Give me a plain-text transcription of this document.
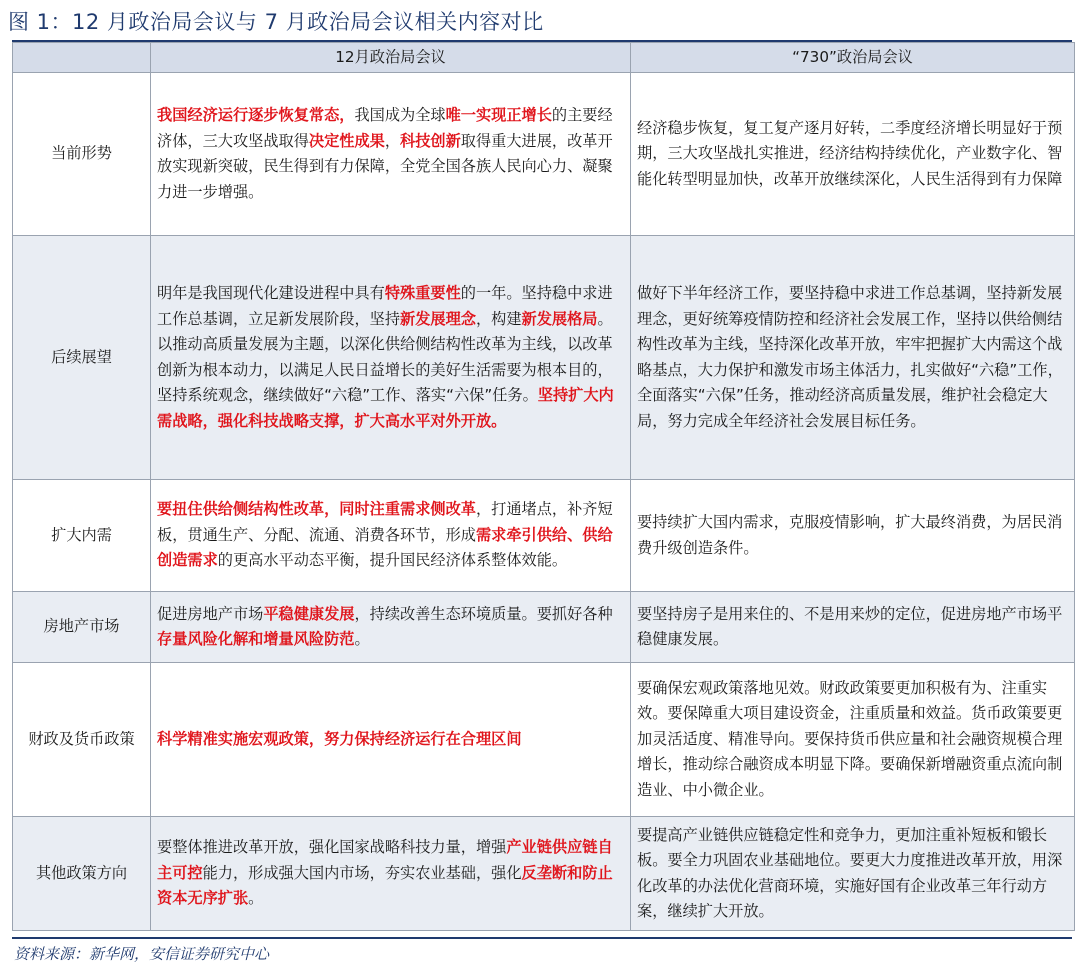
图 1：12 月政治局会议与 7 月政治局会议相关内容对比
	12月政治局会议	“730”政治局会议
当前形势	我国经济运行逐步恢复常态，我国成为全球唯一实现正增长的主要经济体，三大攻坚战取得决定性成果，科技创新取得重大进展，改革开放实现新突破，民生得到有力保障，全党全国各族人民向心力、凝聚力进一步增强。	经济稳步恢复，复工复产逐月好转，二季度经济增长明显好于预期，三大攻坚战扎实推进，经济结构持续优化，产业数字化、智能化转型明显加快，改革开放继续深化，人民生活得到有力保障
后续展望	明年是我国现代化建设进程中具有特殊重要性的一年。坚持稳中求进工作总基调，立足新发展阶段，坚持新发展理念，构建新发展格局。以推动高质量发展为主题，以深化供给侧结构性改革为主线，以改革创新为根本动力，以满足人民日益增长的美好生活需要为根本目的，坚持系统观念，继续做好“六稳”工作、落实“六保”任务。坚持扩大内需战略，强化科技战略支撑，扩大高水平对外开放。	做好下半年经济工作，要坚持稳中求进工作总基调，坚持新发展理念，更好统筹疫情防控和经济社会发展工作，坚持以供给侧结构性改革为主线，坚持深化改革开放，牢牢把握扩大内需这个战略基点，大力保护和激发市场主体活力，扎实做好“六稳”工作，全面落实“六保”任务，推动经济高质量发展，维护社会稳定大局，努力完成全年经济社会发展目标任务。
扩大内需	要扭住供给侧结构性改革，同时注重需求侧改革，打通堵点，补齐短板，贯通生产、分配、流通、消费各环节，形成需求牵引供给、供给创造需求的更高水平动态平衡，提升国民经济体系整体效能。	要持续扩大国内需求，克服疫情影响，扩大最终消费，为居民消费升级创造条件。
房地产市场	促进房地产市场平稳健康发展，持续改善生态环境质量。要抓好各种存量风险化解和增量风险防范。	要坚持房子是用来住的、不是用来炒的定位，促进房地产市场平稳健康发展。
财政及货币政策	科学精准实施宏观政策，努力保持经济运行在合理区间	要确保宏观政策落地见效。财政政策要更加积极有为、注重实效。要保障重大项目建设资金，注重质量和效益。货币政策要更加灵活适度、精准导向。要保持货币供应量和社会融资规模合理增长，推动综合融资成本明显下降。要确保新增融资重点流向制造业、中小微企业。
其他政策方向	要整体推进改革开放，强化国家战略科技力量，增强产业链供应链自主可控能力，形成强大国内市场，夯实农业基础，强化反垄断和防止资本无序扩张。	要提高产业链供应链稳定性和竞争力，更加注重补短板和锻长板。要全力巩固农业基础地位。要更大力度推进改革开放，用深化改革的办法优化营商环境，实施好国有企业改革三年行动方案，继续扩大开放。
资料来源：新华网，安信证券研究中心
